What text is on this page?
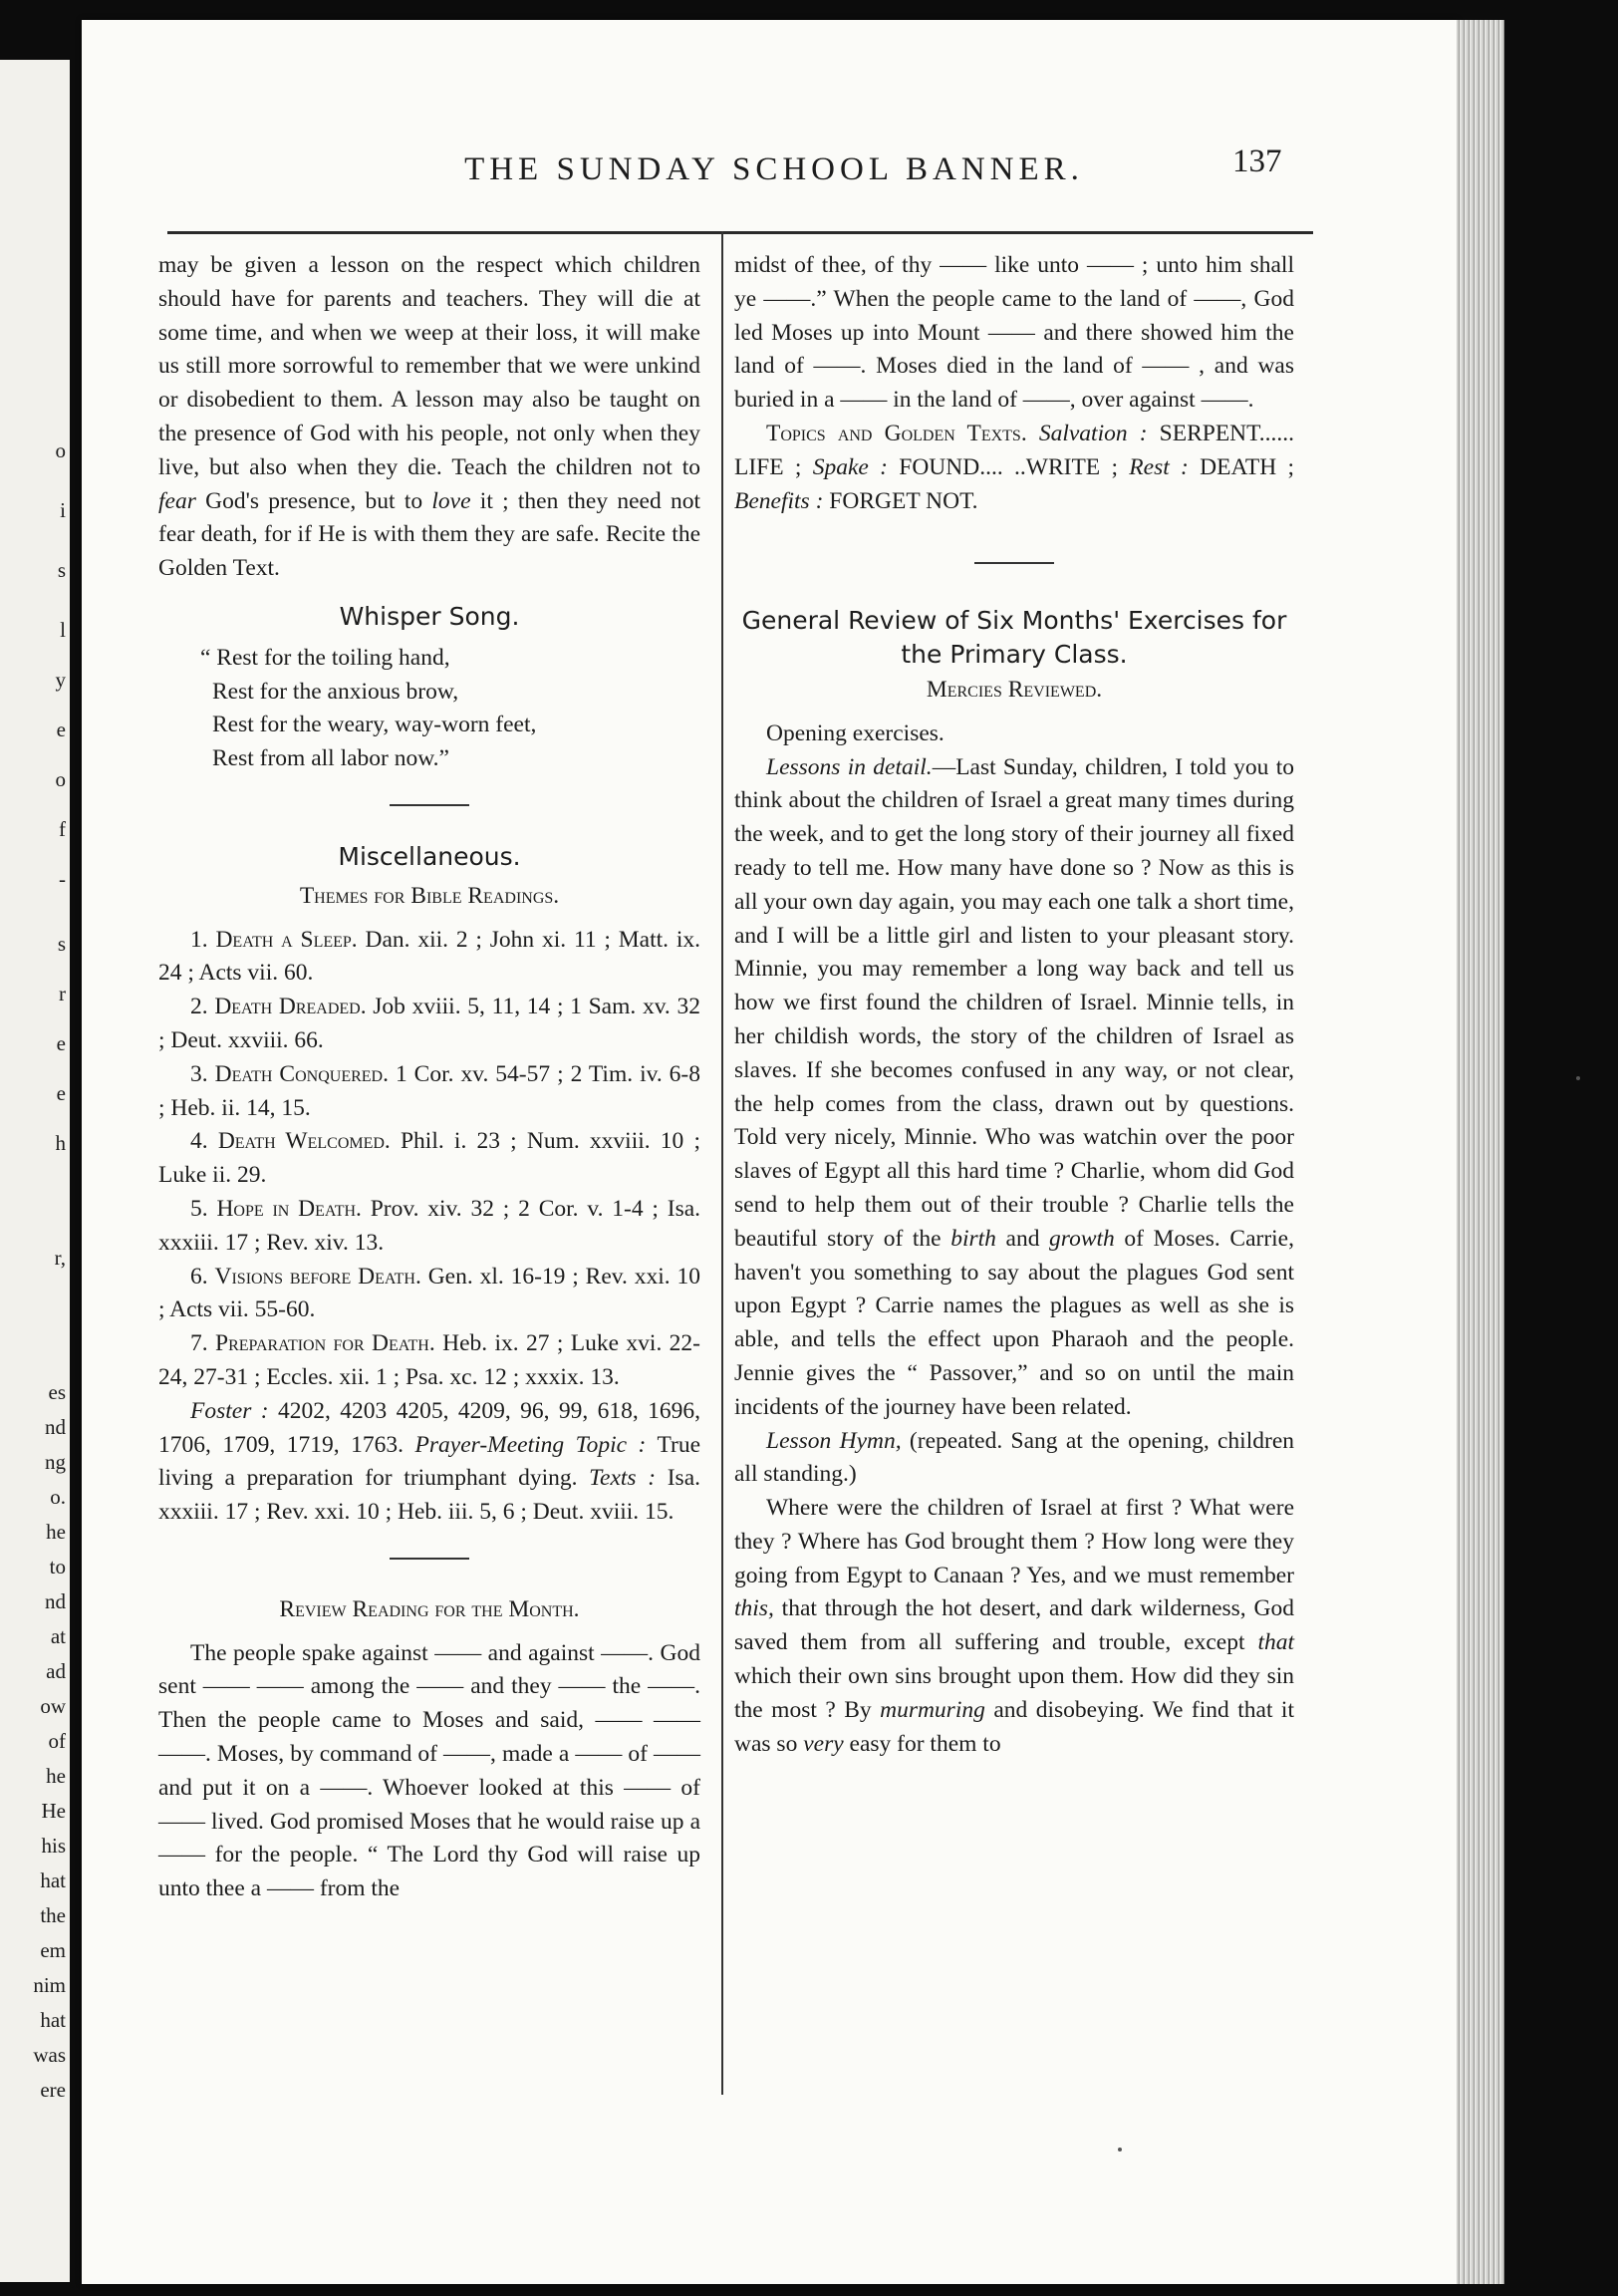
o
i
s
l
y
e
o
f
-
s
r
e
e
h
r,
es
nd
ng
o.
he
to
nd
at
ad
ow
of
he
He
his
hat
the
em
nim
hat
was
ere
THE SUNDAY SCHOOL BANNER.	137

may be given a lesson on the respect which children should have for parents and teachers. They will die at some time, and when we weep at their loss, it will make us still more sorrowful to remember that we were unkind or disobedient to them. A lesson may also be taught on the presence of God with his people, not only when they live, but also when they die. Teach the children not to fear God's presence, but to love it ; then they need not fear death, for if He is with them they are safe. Recite the Golden Text.

Whisper Song.
“ Rest for the toiling hand,
Rest for the anxious brow,
Rest for the weary, way-worn feet,
Rest from all labor now.”
Miscellaneous.
Themes for Bible Readings.

1. Death a Sleep. Dan. xii. 2 ; John xi. 11 ; Matt. ix. 24 ; Acts vii. 60.

2. Death Dreaded. Job xviii. 5, 11, 14 ; 1 Sam. xv. 32 ; Deut. xxviii. 66.

3. Death Conquered. 1 Cor. xv. 54-57 ; 2 Tim. iv. 6-8 ; Heb. ii. 14, 15.

4. Death Welcomed. Phil. i. 23 ; Num. xxviii. 10 ; Luke ii. 29.

5. Hope in Death. Prov. xiv. 32 ; 2 Cor. v. 1-4 ; Isa. xxxiii. 17 ; Rev. xiv. 13.

6. Visions before Death. Gen. xl. 16-19 ; Rev. xxi. 10 ; Acts vii. 55-60.

7. Preparation for Death. Heb. ix. 27 ; Luke xvi. 22-24, 27-31 ; Eccles. xii. 1 ; Psa. xc. 12 ; xxxix. 13.

Foster : 4202, 4203 4205, 4209, 96, 99, 618, 1696, 1706, 1709, 1719, 1763. Prayer-Meeting Topic : True living a preparation for triumphant dying. Texts : Isa. xxxiii. 17 ; Rev. xxi. 10 ; Heb. iii. 5, 6 ; Deut. xviii. 15.

Review Reading for the Month.

The people spake against —— and against ——. God sent —— —— among the —— and they —— the ——. Then the people came to Moses and said, —— —— ——. Moses, by command of ——, made a —— of —— and put it on a ——. Whoever looked at this —— of —— lived. God promised Moses that he would raise up a —— for the people. “ The Lord thy God will raise up unto thee a —— from the

midst of thee, of thy —— like unto —— ; unto him shall ye ——.” When the people came to the land of ——, God led Moses up into Mount —— and there showed him the land of ——. Moses died in the land of —— , and was buried in a —— in the land of ——, over against ——.

Topics and Golden Texts. Salvation : SERPENT...... LIFE ; Spake : FOUND.... ..WRITE ; Rest : DEATH ; Benefits : FORGET NOT.

General Review of Six Months' Exercises for the Primary Class.
Mercies Reviewed.

Opening exercises.

Lessons in detail.—Last Sunday, children, I told you to think about the children of Israel a great many times during the week, and to get the long story of their journey all fixed ready to tell me. How many have done so ? Now as this is all your own day again, you may each one talk a short time, and I will be a little girl and listen to your pleasant story. Minnie, you may remember a long way back and tell us how we first found the children of Israel. Minnie tells, in her childish words, the story of the children of Israel as slaves. If she becomes confused in any way, or not clear, the help comes from the class, drawn out by questions. Told very nicely, Minnie. Who was watchin over the poor slaves of Egypt all this hard time ? Charlie, whom did God send to help them out of their trouble ? Charlie tells the beautiful story of the birth and growth of Moses. Carrie, haven't you something to say about the plagues God sent upon Egypt ? Carrie names the plagues as well as she is able, and tells the effect upon Pharaoh and the people. Jennie gives the “ Passover,” and so on until the main incidents of the journey have been related.

Lesson Hymn, (repeated. Sang at the opening, children all standing.)

Where were the children of Israel at first ? What were they ? Where has God brought them ? How long were they going from Egypt to Canaan ? Yes, and we must remember this, that through the hot desert, and dark wilderness, God saved them from all suffering and trouble, except that which their own sins brought upon them. How did they sin the most ? By murmuring and disobeying. We find that it was so very easy for them to
